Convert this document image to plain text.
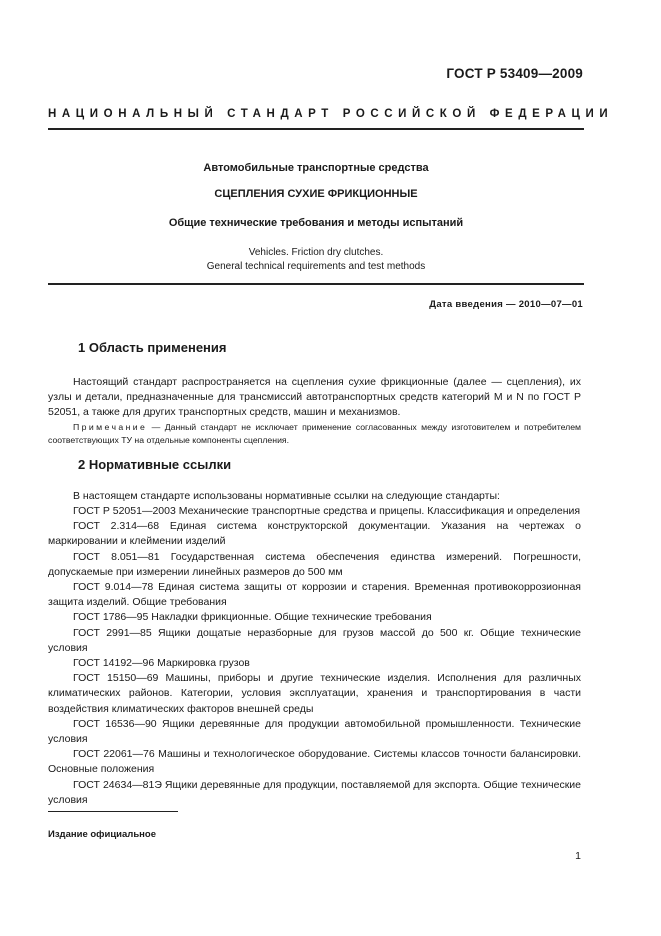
ГОСТ Р 53409—2009
НАЦИОНАЛЬНЫЙ СТАНДАРТ РОССИЙСКОЙ ФЕДЕРАЦИИ
Автомобильные транспортные средства
СЦЕПЛЕНИЯ СУХИЕ ФРИКЦИОННЫЕ
Общие технические требования и методы испытаний
Vehicles. Friction dry clutches.
General technical requirements and test methods
Дата введения — 2010—07—01
1 Область применения

Настоящий стандарт распространяется на сцепления сухие фрикционные (далее — сцепления), их узлы и детали, предназначенные для трансмиссий автотранспортных средств категорий M и N по ГОСТ Р 52051, а также для других транспортных средств, машин и механизмов.

Примечание — Данный стандарт не исключает применение согласованных между изготовителем и потребителем соответствующих ТУ на отдельные компоненты сцепления.

2 Нормативные ссылки
В настоящем стандарте использованы нормативные ссылки на следующие стандарты:
ГОСТ Р 52051—2003 Механические транспортные средства и прицепы. Классификация и определения
ГОСТ 2.314—68 Единая система конструкторской документации. Указания на чертежах о маркировании и клеймении изделий
ГОСТ 8.051—81 Государственная система обеспечения единства измерений. Погрешности, допускаемые при измерении линейных размеров до 500 мм
ГОСТ 9.014—78 Единая система защиты от коррозии и старения. Временная противокоррозионная защита изделий. Общие требования
ГОСТ 1786—95 Накладки фрикционные. Общие технические требования
ГОСТ 2991—85 Ящики дощатые неразборные для грузов массой до 500 кг. Общие технические условия
ГОСТ 14192—96 Маркировка грузов
ГОСТ 15150—69 Машины, приборы и другие технические изделия. Исполнения для различных климатических районов. Категории, условия эксплуатации, хранения и транспортирования в части воздействия климатических факторов внешней среды
ГОСТ 16536—90 Ящики деревянные для продукции автомобильной промышленности. Технические условия
ГОСТ 22061—76 Машины и технологическое оборудование. Системы классов точности балансировки. Основные положения
ГОСТ 24634—81Э Ящики деревянные для продукции, поставляемой для экспорта. Общие технические условия
Издание официальное
1
